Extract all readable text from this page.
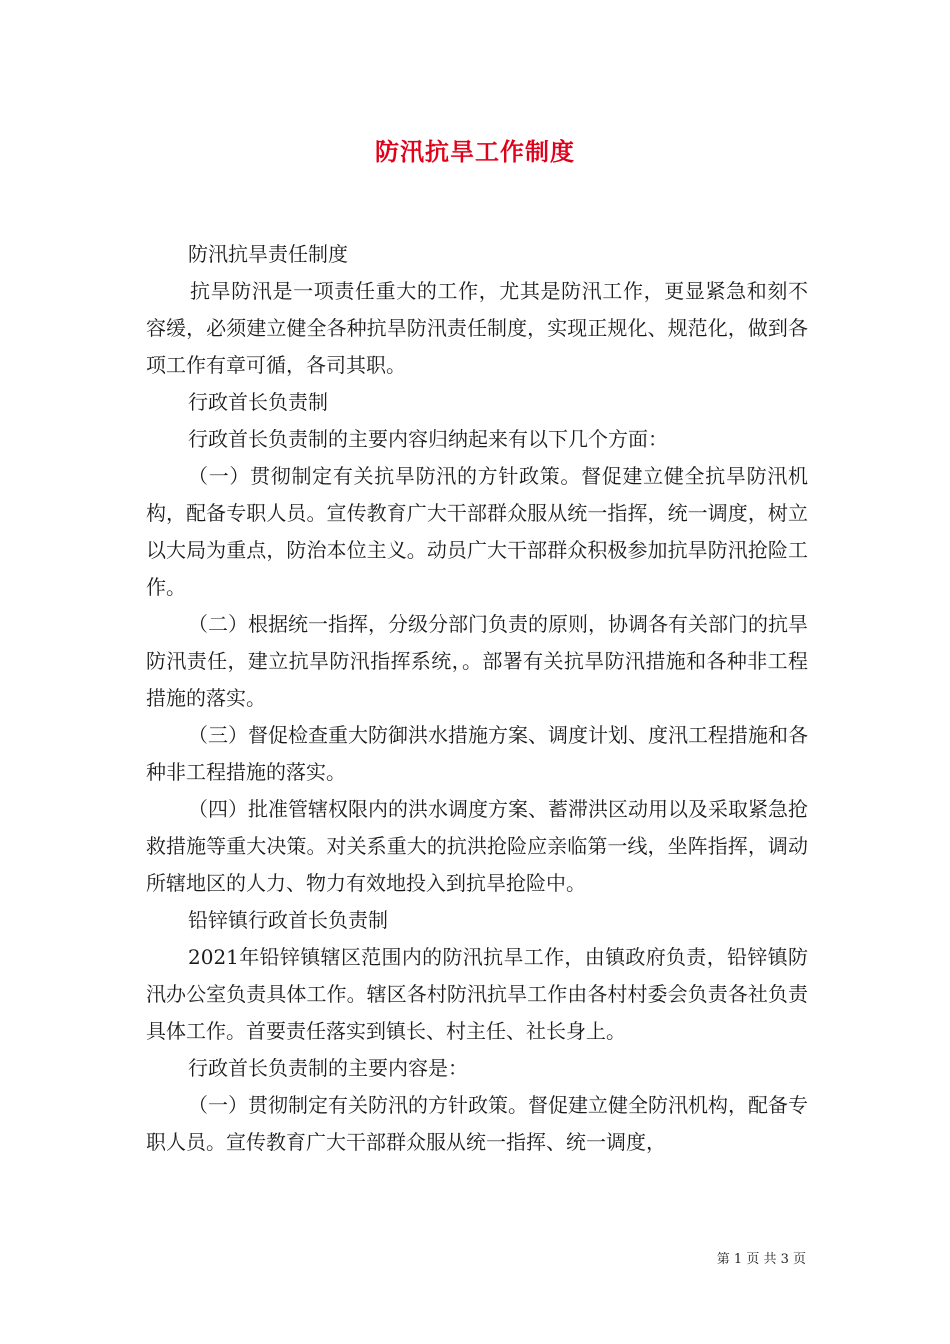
防汛抗旱工作制度

防汛抗旱责任制度

抗旱防汛是一项责任重大的工作，尤其是防汛工作，更显紧急和刻不容缓，必须建立健全各种抗旱防汛责任制度，实现正规化、规范化，做到各项工作有章可循，各司其职。

行政首长负责制

行政首长负责制的主要内容归纳起来有以下几个方面：

（一）贯彻制定有关抗旱防汛的方针政策。督促建立健全抗旱防汛机构，配备专职人员。宣传教育广大干部群众服从统一指挥，统一调度，树立以大局为重点，防治本位主义。动员广大干部群众积极参加抗旱防汛抢险工作。

（二）根据统一指挥，分级分部门负责的原则，协调各有关部门的抗旱防汛责任，建立抗旱防汛指挥系统，。部署有关抗旱防汛措施和各种非工程措施的落实。

（三）督促检查重大防御洪水措施方案、调度计划、度汛工程措施和各种非工程措施的落实。

（四）批准管辖权限内的洪水调度方案、蓄滞洪区动用以及采取紧急抢救措施等重大决策。对关系重大的抗洪抢险应亲临第一线，坐阵指挥，调动所辖地区的人力、物力有效地投入到抗旱抢险中。

铅锌镇行政首长负责制

2021年铅锌镇辖区范围内的防汛抗旱工作，由镇政府负责，铅锌镇防汛办公室负责具体工作。辖区各村防汛抗旱工作由各村村委会负责各社负责具体工作。首要责任落实到镇长、村主任、社长身上。

行政首长负责制的主要内容是：

（一）贯彻制定有关防汛的方针政策。督促建立健全防汛机构，配备专职人员。宣传教育广大干部群众服从统一指挥、统一调度，

第 1 页 共 3 页
